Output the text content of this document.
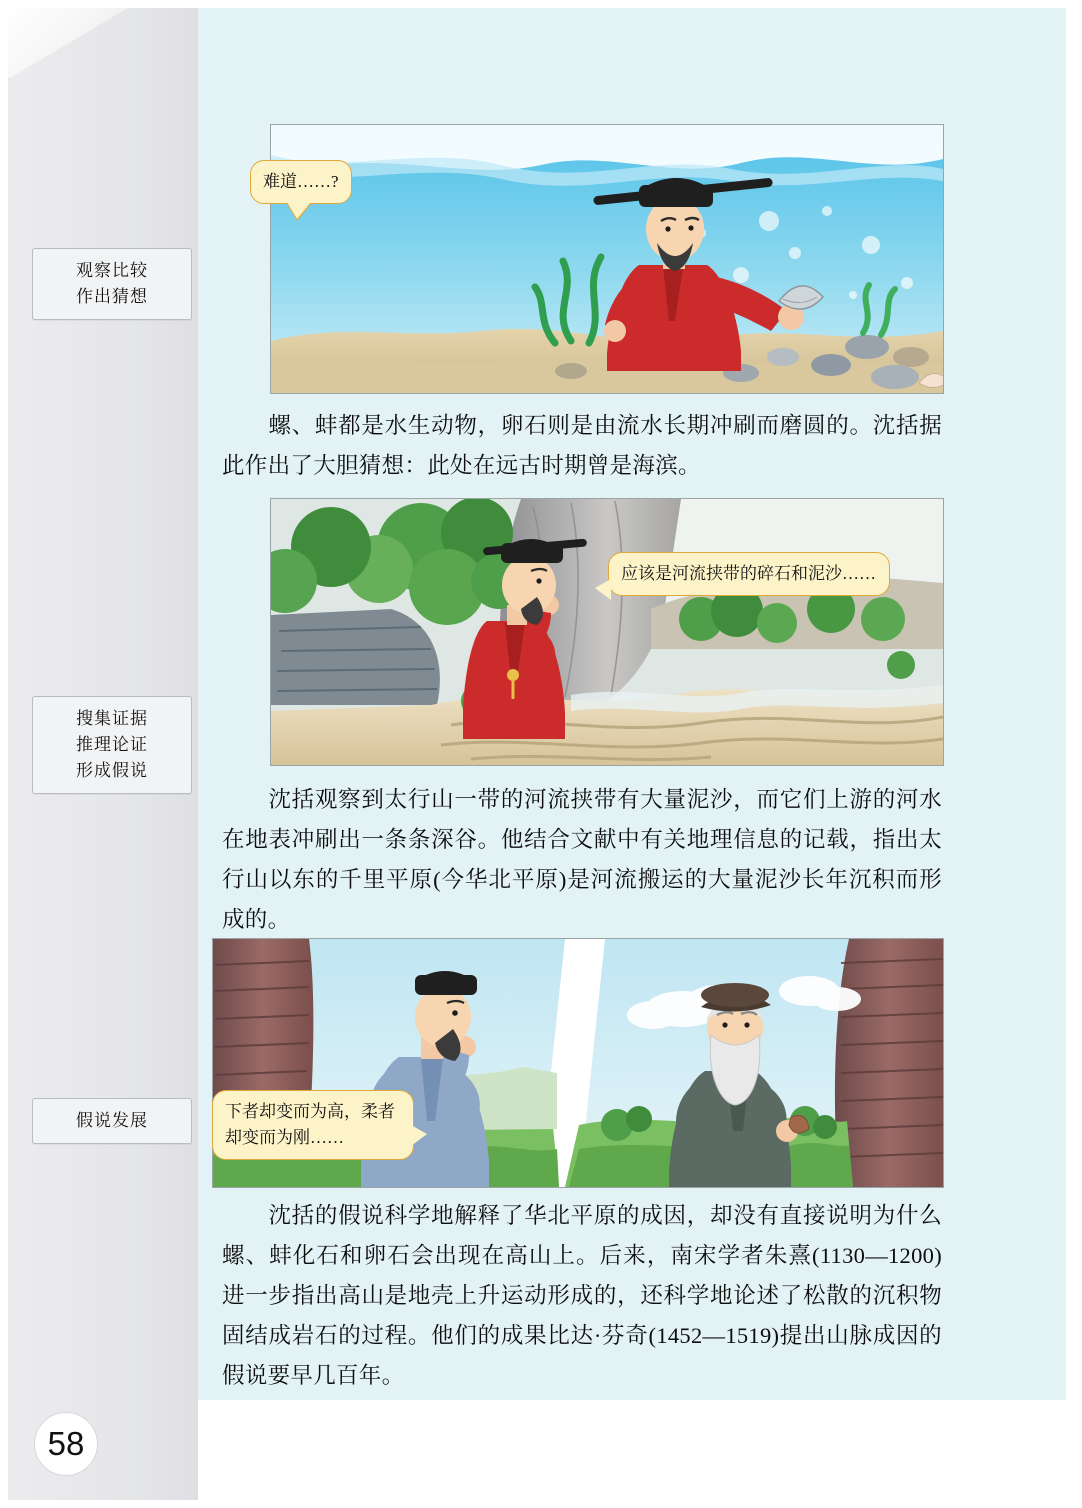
观察比较
作出猜想
搜集证据
推理论证
形成假说
假说发展
难道……?
螺、蚌都是水生动物，卵石则是由流水长期冲刷而磨圆的。沈括据此作出了大胆猜想：此处在远古时期曾是海滨。
应该是河流挟带的碎石和泥沙……
沈括观察到太行山一带的河流挟带有大量泥沙，而它们上游的河水在地表冲刷出一条条深谷。他结合文献中有关地理信息的记载，指出太行山以东的千里平原(今华北平原)是河流搬运的大量泥沙长年沉积而形成的。
下者却变而为高，柔者却变而为刚……
沈括的假说科学地解释了华北平原的成因，却没有直接说明为什么螺、蚌化石和卵石会出现在高山上。后来，南宋学者朱熹(1130—1200) 进一步指出高山是地壳上升运动形成的，还科学地论述了松散的沉积物固结成岩石的过程。他们的成果比达·芬奇(1452—1519)提出山脉成因的假说要早几百年。
58
